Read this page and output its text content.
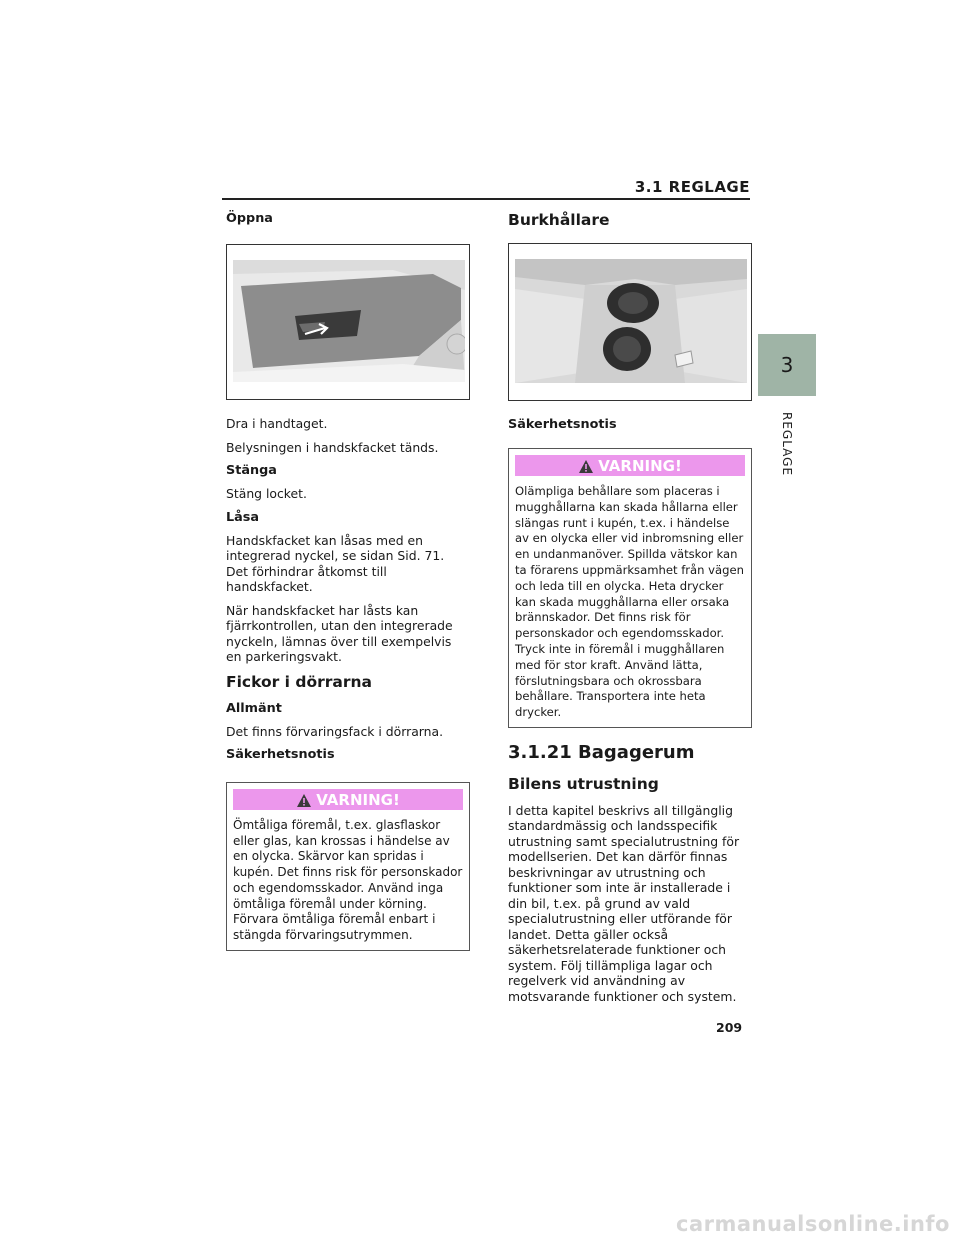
3.1 REGLAGE
3
REGLAGE
Öppna

Dra i handtaget.

Belysningen i handskfacket tänds.

Stänga

Stäng locket.

Låsa

Handskfacket kan låsas med en integrerad nyckel, se sidan Sid. 71. Det förhindrar åtkomst till handskfacket.

När handskfacket har låsts kan fjärrkontrollen, utan den integrerade nyckeln, lämnas över till exempelvis en parkeringsvakt.

Fickor i dörrarna
Allmänt

Det finns förvaringsfack i dörrarna.

Säkerhetsnotis
VARNING!

Ömtåliga föremål, t.ex. glasflaskor eller glas, kan krossas i händelse av en olycka. Skärvor kan spridas i kupén. Det finns risk för personskador och egendomsskador. Använd inga ömtåliga föremål under körning. Förvara ömtåliga föremål enbart i stängda förvaringsutrymmen.

Burkhållare
Säkerhetsnotis
VARNING!

Olämpliga behållare som placeras i mugghållarna kan skada hållarna eller slängas runt i kupén, t.ex. i händelse av en olycka eller vid inbromsning eller en undanmanöver. Spillda vätskor kan ta förarens uppmärksamhet från vägen och leda till en olycka. Heta drycker kan skada mugghållarna eller orsaka brännskador. Det finns risk för personskador och egendomsskador. Tryck inte in föremål i mugghållaren med för stor kraft. Använd lätta, förslutningsbara och okrossbara behållare. Transportera inte heta drycker.

3.1.21 Bagagerum
Bilens utrustning

I detta kapitel beskrivs all tillgänglig standardmässig och landsspecifik utrustning samt specialutrustning för modellserien. Det kan därför finnas beskrivningar av utrustning och funktioner som inte är installerade i din bil, t.ex. på grund av vald specialutrustning eller utförande för landet. Detta gäller också säkerhetsrelaterade funktioner och system. Följ tillämpliga lagar och regelverk vid användning av motsvarande funktioner och system.

209
carmanualsonline.info
